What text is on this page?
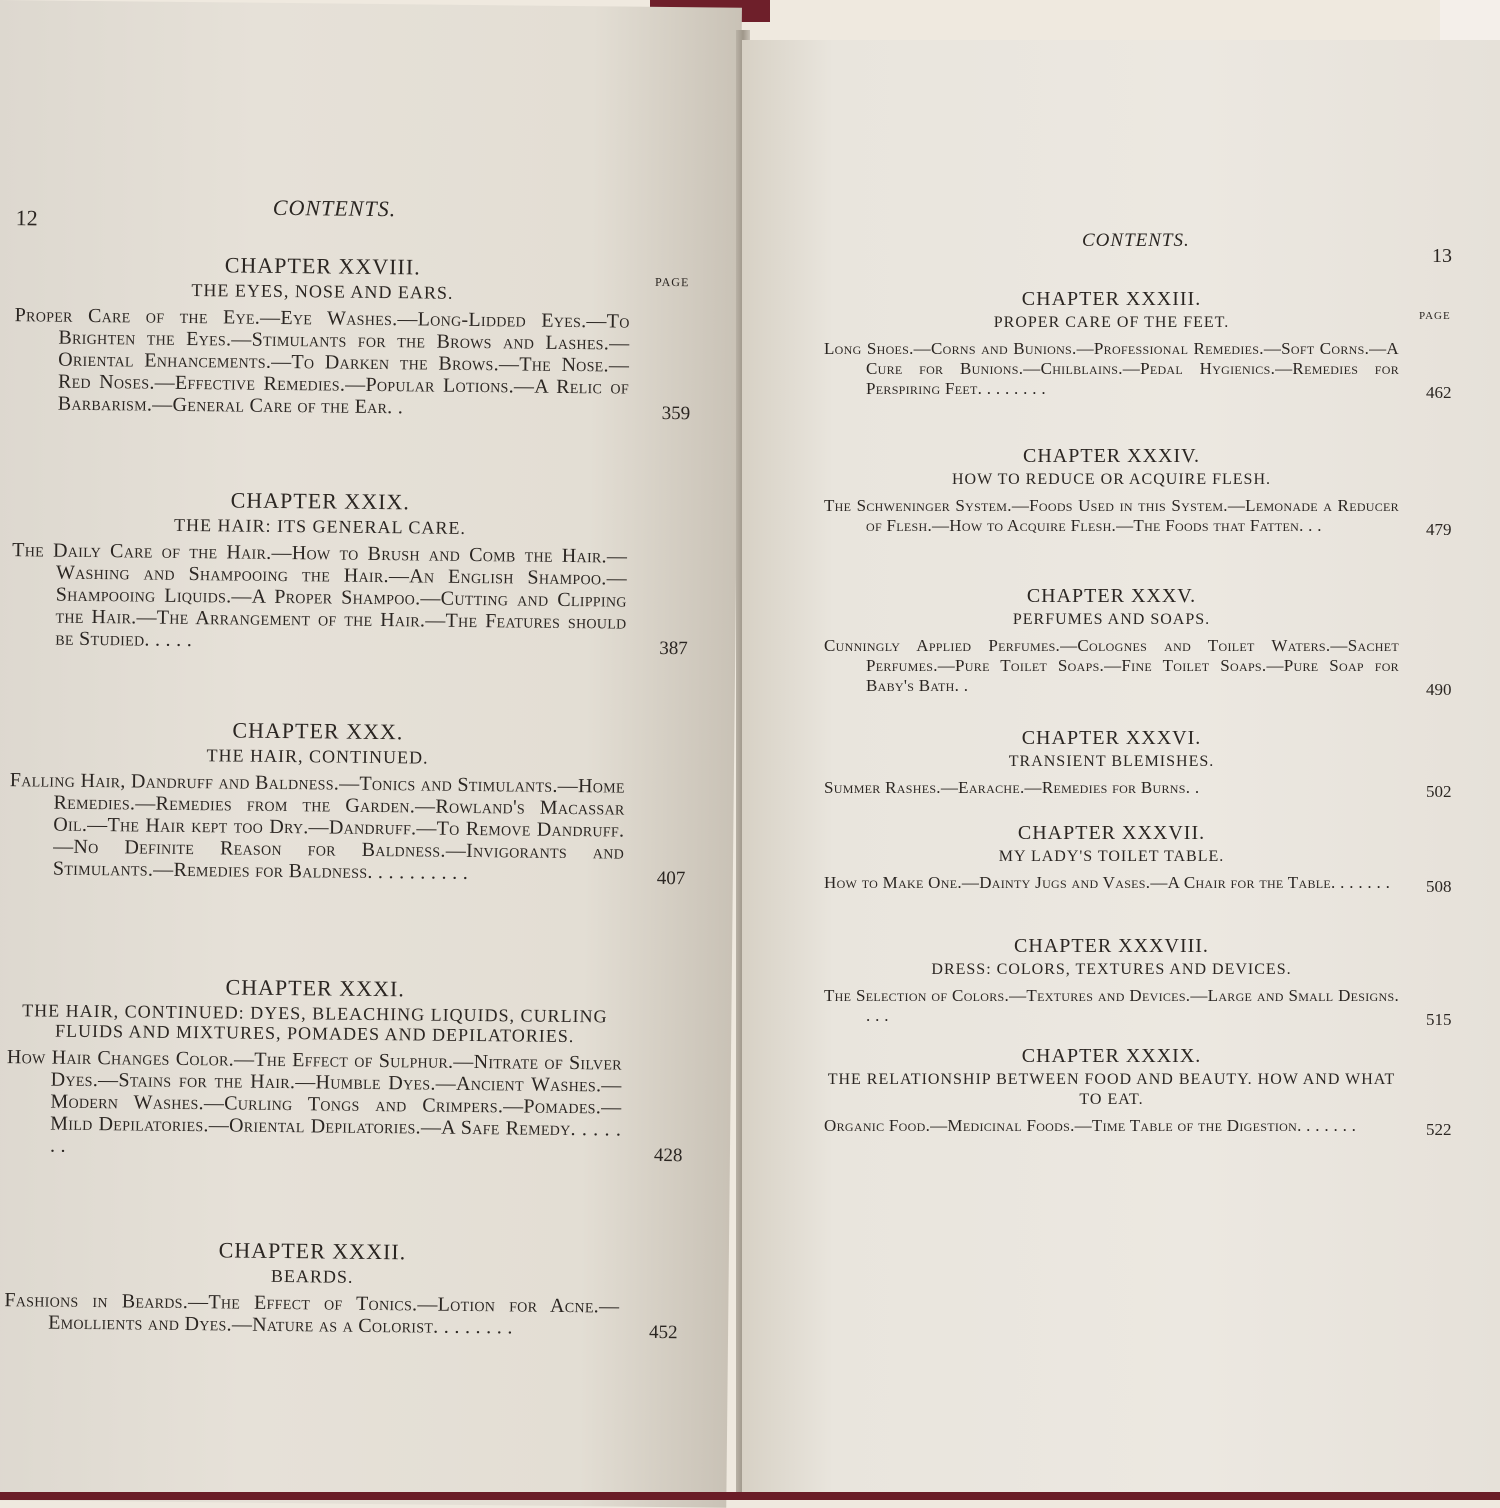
12	CONTENTS.
PAGE
CHAPTER XXVIII.
THE EYES, NOSE AND EARS.

Proper Care of the Eye.—Eye Washes.—Long-Lidded Eyes.—To Brighten the Eyes.—Stimulants for the Brows and Lashes.—Oriental Enhancements.—To Darken the Brows.—The Nose.—Red Noses.—Effective Remedies.—Popular Lotions.—A Relic of Barbarism.—General Care of the Ear. .	359
CHAPTER XXIX.
THE HAIR: ITS GENERAL CARE.

The Daily Care of the Hair.—How to Brush and Comb the Hair.—Washing and Shampooing the Hair.—An English Shampoo.—Shampooing Liquids.—A Proper Shampoo.—Cutting and Clipping the Hair.—The Arrangement of the Hair.—The Features should be Studied. . . . .	387
CHAPTER XXX.
THE HAIR, CONTINUED.

Falling Hair, Dandruff and Baldness.—Tonics and Stimulants.—Home Remedies.—Remedies from the Garden.—Rowland's Macassar Oil.—The Hair kept too Dry.—Dandruff.—To Remove Dandruff.—No Definite Reason for Baldness.—Invigorants and Stimulants.—Remedies for Baldness. . . . . . . . . .	407
CHAPTER XXXI.
THE HAIR, CONTINUED: DYES, BLEACHING LIQUIDS, CURLING FLUIDS AND MIXTURES, POMADES AND DEPILATORIES.

How Hair Changes Color.—The Effect of Sulphur.—Nitrate of Silver Dyes.—Stains for the Hair.—Humble Dyes.—Ancient Washes.—Modern Washes.—Curling Tongs and Crimpers.—Pomades.—Mild Depilatories.—Oriental Depilatories.—A Safe Remedy. . . . . . .	428
CHAPTER XXXII.
BEARDS.

Fashions in Beards.—The Effect of Tonics.—Lotion for Acne.—Emollients and Dyes.—Nature as a Colorist. . . . . . . .	452
CONTENTS.
13
PAGE
CHAPTER XXXIII.
PROPER CARE OF THE FEET.

Long Shoes.—Corns and Bunions.—Professional Remedies.—Soft Corns.—A Cure for Bunions.—Chilblains.—Pedal Hygienics.—Remedies for Perspiring Feet. . . . . . . .	462
CHAPTER XXXIV.
HOW TO REDUCE OR ACQUIRE FLESH.

The Schweninger System.—Foods Used in this System.—Lemonade a Reducer of Flesh.—How to Acquire Flesh.—The Foods that Fatten. . .	479
CHAPTER XXXV.
PERFUMES AND SOAPS.

Cunningly Applied Perfumes.—Colognes and Toilet Waters.—Sachet Perfumes.—Pure Toilet Soaps.—Fine Toilet Soaps.—Pure Soap for Baby's Bath. .	490
CHAPTER XXXVI.
TRANSIENT BLEMISHES.

Summer Rashes.—Earache.—Remedies for Burns. .	502
CHAPTER XXXVII.
MY LADY'S TOILET TABLE.

How to Make One.—Dainty Jugs and Vases.—A Chair for the Table. . . . . . .	508
CHAPTER XXXVIII.
DRESS: COLORS, TEXTURES AND DEVICES.

The Selection of Colors.—Textures and Devices.—Large and Small Designs. . . .	515
CHAPTER XXXIX.
THE RELATIONSHIP BETWEEN FOOD AND BEAUTY. HOW AND WHAT TO EAT.

Organic Food.—Medicinal Foods.—Time Table of the Digestion. . . . . . .	522
